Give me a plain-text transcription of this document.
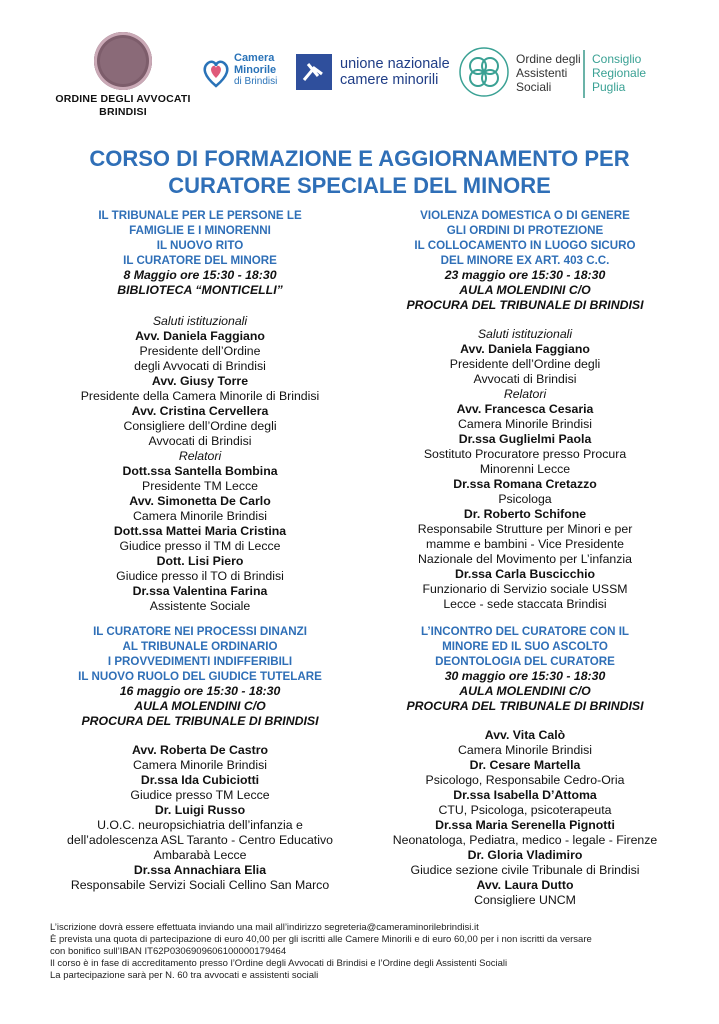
ORDINE DEGLI AVVOCATI
BRINDISI
Camera
Minorile
di Brindisi
unione nazionale
camere minorili
Ordine degli
Assistenti
Sociali
Consiglio
Regionale
Puglia
CORSO DI FORMAZIONE E AGGIORNAMENTO PER
CURATORE SPECIALE DEL MINORE
IL TRIBUNALE PER LE PERSONE LE
FAMIGLIE E I MINORENNI
IL NUOVO RITO
IL CURATORE DEL MINORE
8 Maggio ore 15:30 - 18:30
BIBLIOTECA “MONTICELLI”
Saluti istituzionali
Avv. Daniela Faggiano
Presidente dell’Ordine
degli Avvocati di Brindisi
Avv. Giusy Torre
Presidente della Camera Minorile di Brindisi
Avv. Cristina Cervellera
Consigliere dell’Ordine degli
Avvocati di Brindisi
Relatori
Dott.ssa Santella Bombina
Presidente TM Lecce
Avv. Simonetta De Carlo
Camera Minorile Brindisi
Dott.ssa Mattei Maria Cristina
Giudice presso il TM di Lecce
Dott. Lisi Piero
Giudice presso il TO di Brindisi
Dr.ssa Valentina Farina
Assistente Sociale
VIOLENZA DOMESTICA O DI GENERE
GLI ORDINI DI PROTEZIONE
IL COLLOCAMENTO IN LUOGO SICURO
DEL MINORE EX ART. 403 C.C.
23 maggio ore 15:30 - 18:30
AULA MOLENDINI C/O
PROCURA DEL TRIBUNALE DI BRINDISI
Saluti istituzionali
Avv. Daniela Faggiano
Presidente dell’Ordine degli
Avvocati di Brindisi
Relatori
Avv. Francesca Cesaria
Camera Minorile Brindisi
Dr.ssa Guglielmi Paola
Sostituto Procuratore presso Procura
Minorenni Lecce
Dr.ssa Romana Cretazzo
Psicologa
Dr. Roberto Schifone
Responsabile Strutture per Minori e per
mamme e bambini - Vice Presidente
Nazionale del Movimento per L’infanzia
Dr.ssa Carla Buscicchio
Funzionario di Servizio sociale USSM
Lecce - sede staccata Brindisi
IL CURATORE NEI PROCESSI DINANZI
AL TRIBUNALE ORDINARIO
I PROVVEDIMENTI INDIFFERIBILI
IL NUOVO RUOLO DEL GIUDICE TUTELARE
16 maggio ore 15:30 - 18:30
AULA MOLENDINI C/O
PROCURA DEL TRIBUNALE DI BRINDISI
Avv. Roberta De Castro
Camera Minorile Brindisi
Dr.ssa Ida Cubiciotti
Giudice presso TM Lecce
Dr. Luigi Russo
U.O.C. neuropsichiatria dell’infanzia e
dell’adolescenza ASL Taranto - Centro Educativo
Ambarabà Lecce
Dr.ssa Annachiara Elia
Responsabile Servizi Sociali Cellino San Marco
L’INCONTRO DEL CURATORE CON IL
MINORE ED IL SUO ASCOLTO
DEONTOLOGIA DEL CURATORE
30 maggio ore 15:30 - 18:30
AULA MOLENDINI C/O
PROCURA DEL TRIBUNALE DI BRINDISI
Avv. Vita Calò
Camera Minorile Brindisi
Dr. Cesare Martella
Psicologo, Responsabile Cedro-Oria
Dr.ssa Isabella D’Attoma
CTU, Psicologa, psicoterapeuta
Dr.ssa Maria Serenella Pignotti
Neonatologa, Pediatra, medico - legale - Firenze
Dr. Gloria Vladimiro
Giudice sezione civile Tribunale di Brindisi
Avv. Laura Dutto
Consigliere UNCM
L’iscrizione dovrà essere effettuata inviando una mail all’indirizzo segreteria@cameraminorilebrindisi.it
È prevista una quota di partecipazione di euro 40,00 per gli iscritti alle Camere Minorili e di euro 60,00 per i non iscritti da versare
con bonifico sull’IBAN IT62P0306909606100000179464
Il corso è in fase di accreditamento presso l’Ordine degli Avvocati di Brindisi e l’Ordine degli Assistenti Sociali
La partecipazione sarà per N. 60 tra avvocati e assistenti sociali
